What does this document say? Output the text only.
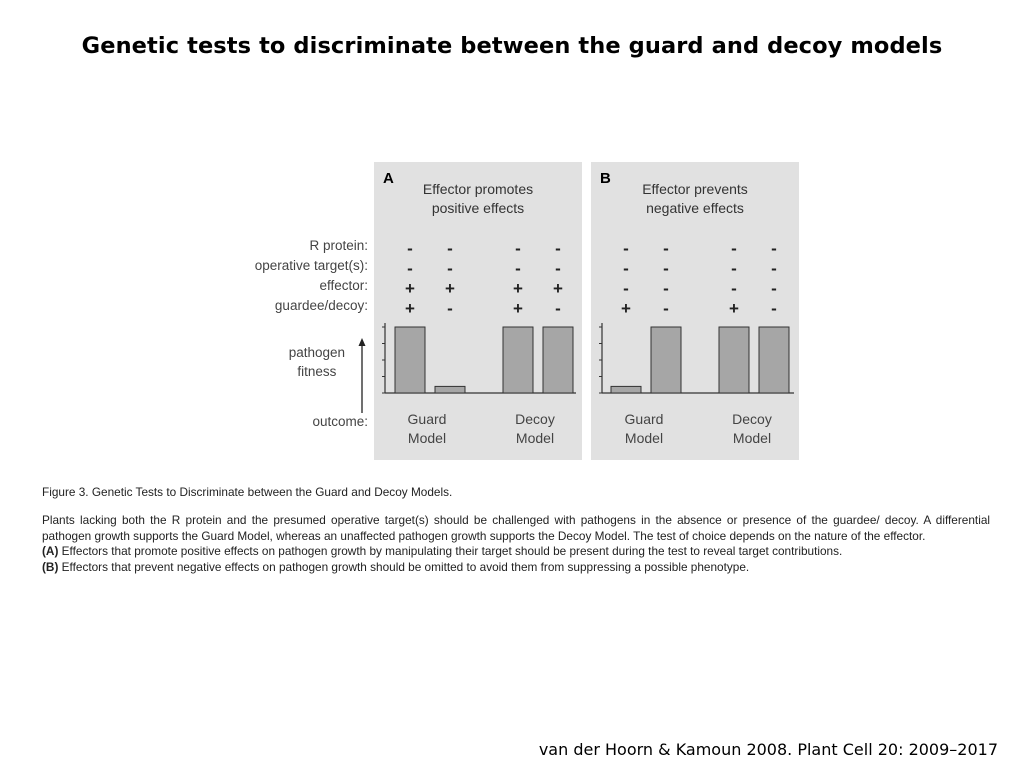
Genetic tests to discriminate between the guard and decoy models
A
Effector promotes
positive effects
B
Effector prevents
negative effects
R protein:
operative target(s):
effector:
guardee/decoy:
-
-
+
+
-
-
+
-
-
-
+
+
-
-
+
-
-
-
-
+
-
-
-
-
-
-
-
+
-
-
-
-
pathogen
fitness
outcome:	Guard
Model
Decoy
Model
Guard
Model
Decoy
Model
Figure 3. Genetic Tests to Discriminate between the Guard and Decoy Models.

Plants lacking both the R protein and the presumed operative target(s) should be challenged with pathogens in the absence or presence of the guardee/ decoy. A differential pathogen growth supports the Guard Model, whereas an unaffected pathogen growth supports the Decoy Model. The test of choice depends on the nature of the effector.

(A) Effectors that promote positive effects on pathogen growth by manipulating their target should be present during the test to reveal target contributions.

(B) Effectors that prevent negative effects on pathogen growth should be omitted to avoid them from suppressing a possible phenotype.

van der Hoorn & Kamoun 2008. Plant Cell 20: 2009–2017
